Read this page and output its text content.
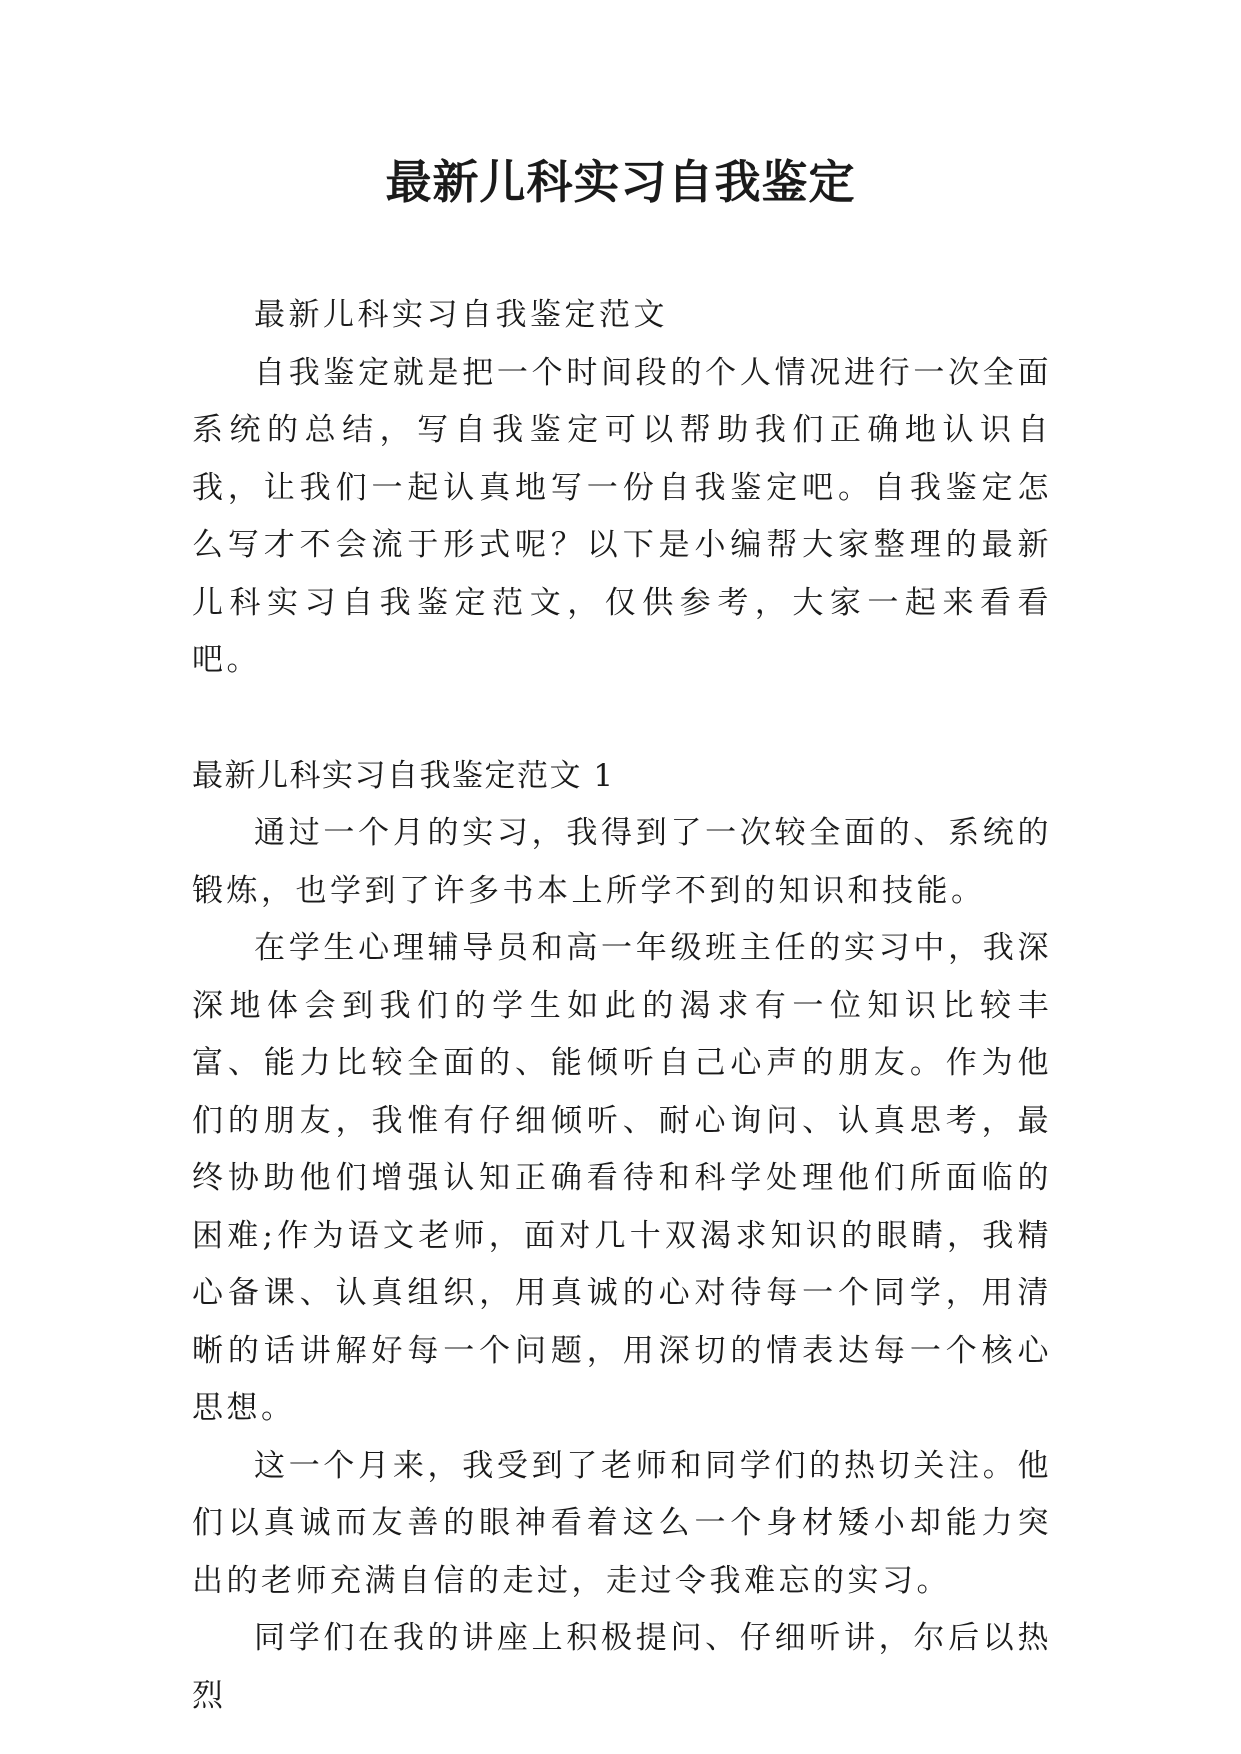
最新儿科实习自我鉴定

最新儿科实习自我鉴定范文

自我鉴定就是把一个时间段的个人情况进行一次全面系统的总结，写自我鉴定可以帮助我们正确地认识自我，让我们一起认真地写一份自我鉴定吧。自我鉴定怎么写才不会流于形式呢？以下是小编帮大家整理的最新儿科实习自我鉴定范文，仅供参考，大家一起来看看吧。

最新儿科实习自我鉴定范文 1

通过一个月的实习，我得到了一次较全面的、系统的锻炼，也学到了许多书本上所学不到的知识和技能。

在学生心理辅导员和高一年级班主任的实习中，我深深地体会到我们的学生如此的渴求有一位知识比较丰富、能力比较全面的、能倾听自己心声的朋友。作为他们的朋友，我惟有仔细倾听、耐心询问、认真思考，最终协助他们增强认知正确看待和科学处理他们所面临的困难;作为语文老师，面对几十双渴求知识的眼睛，我精心备课、认真组织，用真诚的心对待每一个同学，用清晰的话讲解好每一个问题，用深切的情表达每一个核心思想。

这一个月来，我受到了老师和同学们的热切关注。他们以真诚而友善的眼神看着这么一个身材矮小却能力突出的老师充满自信的走过，走过令我难忘的实习。

同学们在我的讲座上积极提问、仔细听讲，尔后以热烈
